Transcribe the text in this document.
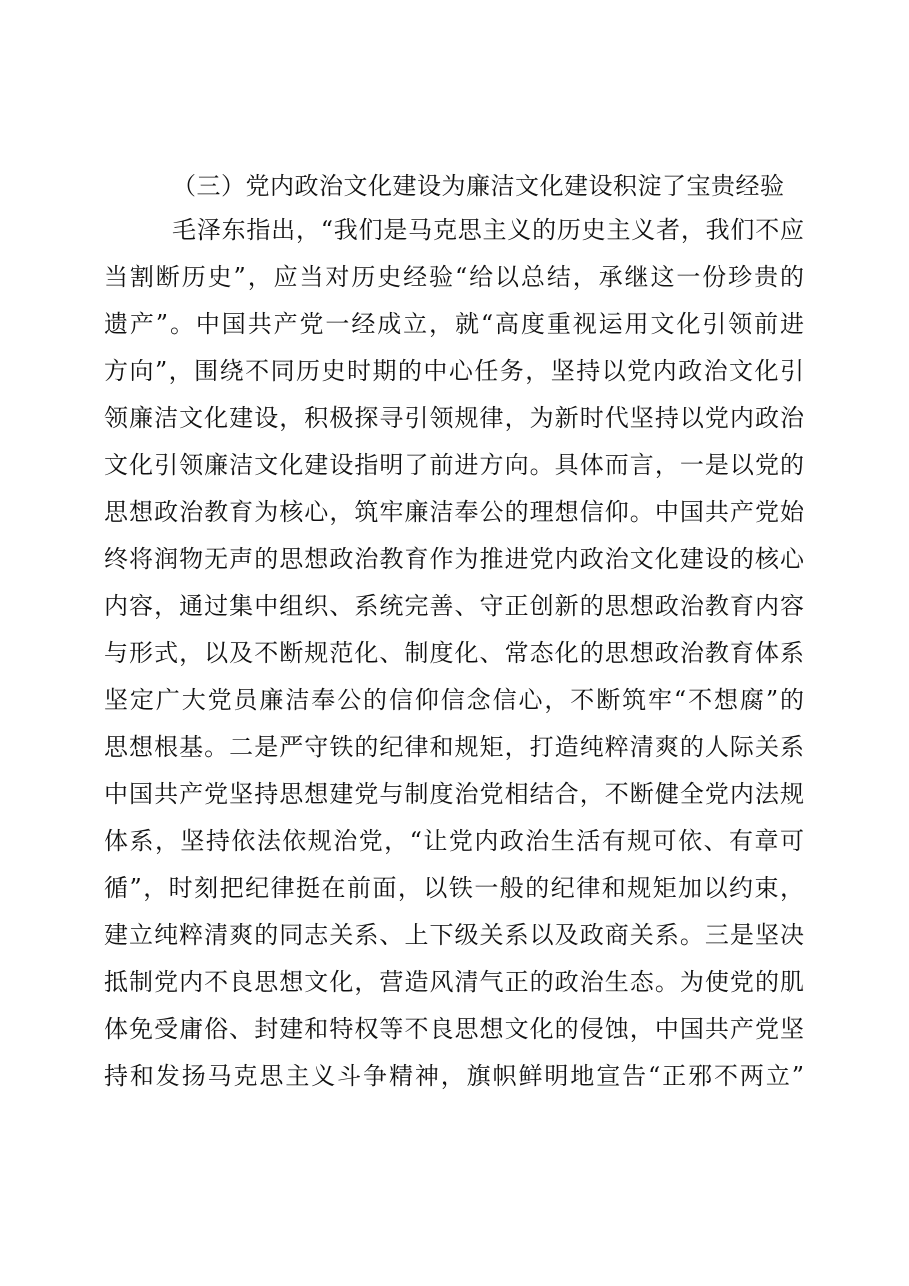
（三）党内政治文化建设为廉洁文化建设积淀了宝贵经验
毛泽东指出，“我们是马克思主义的历史主义者，我们不应
当割断历史”，应当对历史经验“给以总结，承继这一份珍贵的
遗产”。中国共产党一经成立，就“高度重视运用文化引领前进
方向”，围绕不同历史时期的中心任务，坚持以党内政治文化引
领廉洁文化建设，积极探寻引领规律，为新时代坚持以党内政治
文化引领廉洁文化建设指明了前进方向。具体而言，一是以党的
思想政治教育为核心，筑牢廉洁奉公的理想信仰。中国共产党始
终将润物无声的思想政治教育作为推进党内政治文化建设的核心
内容，通过集中组织、系统完善、守正创新的思想政治教育内容
与形式，以及不断规范化、制度化、常态化的思想政治教育体系
坚定广大党员廉洁奉公的信仰信念信心，不断筑牢“不想腐”的
思想根基。二是严守铁的纪律和规矩，打造纯粹清爽的人际关系
中国共产党坚持思想建党与制度治党相结合，不断健全党内法规
体系，坚持依法依规治党，“让党内政治生活有规可依、有章可
循”，时刻把纪律挺在前面，以铁一般的纪律和规矩加以约束，
建立纯粹清爽的同志关系、上下级关系以及政商关系。三是坚决
抵制党内不良思想文化，营造风清气正的政治生态。为使党的肌
体免受庸俗、封建和特权等不良思想文化的侵蚀，中国共产党坚
持和发扬马克思主义斗争精神，旗帜鲜明地宣告“正邪不两立”
